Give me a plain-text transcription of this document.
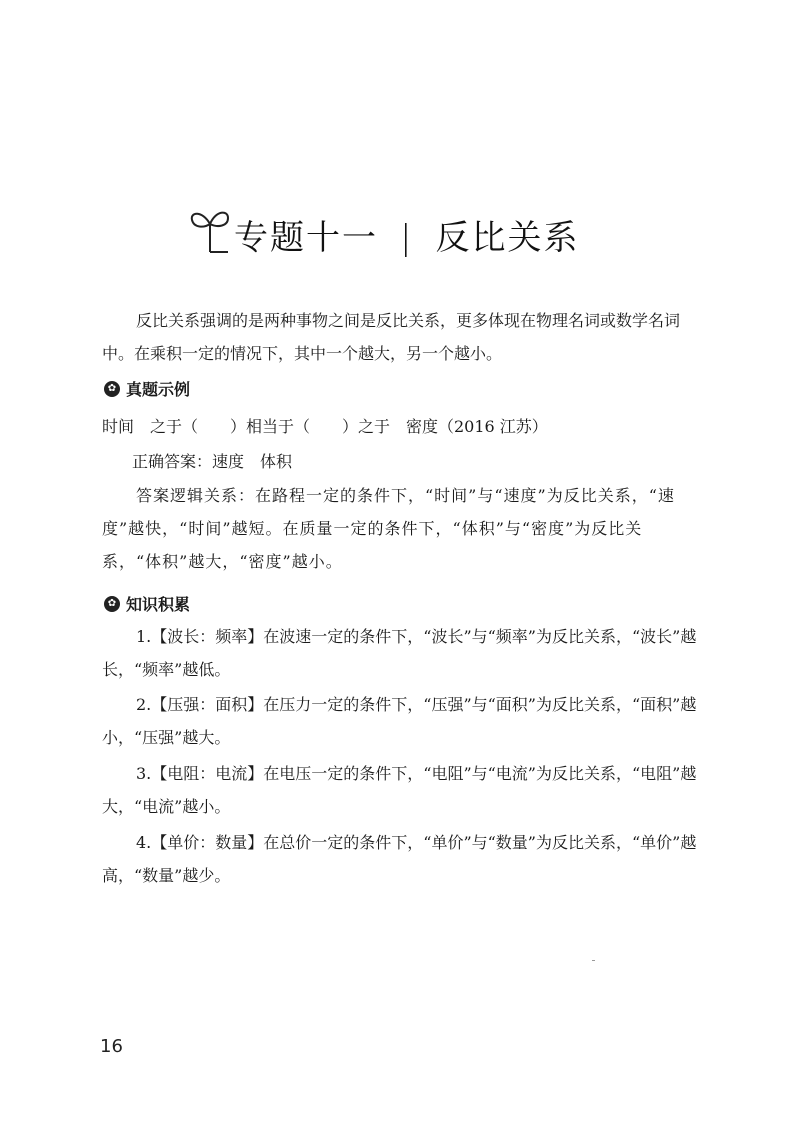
专题十一 | 反比关系

反比关系强调的是两种事物之间是反比关系，更多体现在物理名词或数学名词中。在乘积一定的情况下，其中一个越大，另一个越小。

✿ 真题示例
时间　之于（　　）相当于（　　）之于　密度（2016 江苏）
正确答案：速度　体积

答案逻辑关系：在路程一定的条件下，“时间”与“速度”为反比关系，“速度”越快，“时间”越短。在质量一定的条件下，“体积”与“密度”为反比关系，“体积”越大，“密度”越小。

✿ 知识积累

1.【波长：频率】在波速一定的条件下，“波长”与“频率”为反比关系，“波长”越长，“频率”越低。

2.【压强：面积】在压力一定的条件下，“压强”与“面积”为反比关系，“面积”越小，“压强”越大。

3.【电阻：电流】在电压一定的条件下，“电阻”与“电流”为反比关系，“电阻”越大，“电流”越小。

4.【单价：数量】在总价一定的条件下，“单价”与“数量”为反比关系，“单价”越高，“数量”越少。

16
